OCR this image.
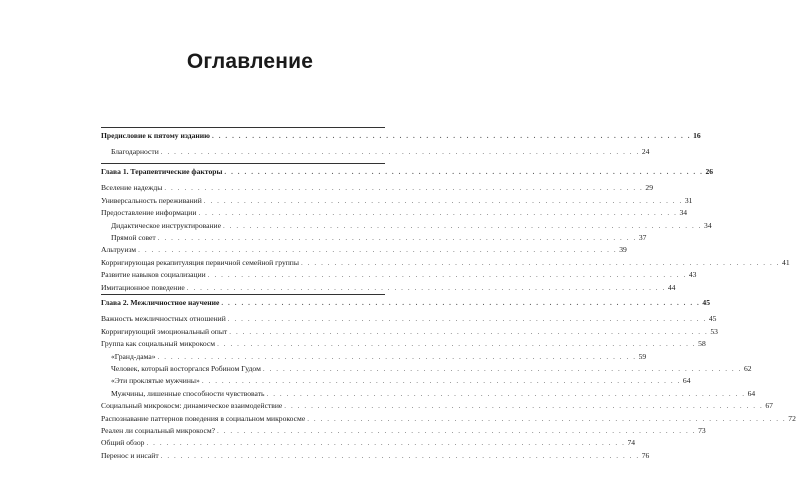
Оглавление
Предисловие к пятому изданию . . . . . . . . . . . . . . . . . . . . . . . . . . . . . . . . . . . . . . . . . . . . . . . . . . . . . . . . . . . . . . . . . . . . . . . . 16
Благодарности . . . . . . . . . . . . . . . . . . . . . . . . . . . . . . . . . . . . . . . . . . . . . . . . . . . . . . . . . . . . . . . . . . . . . . . . 24
Глава 1. Терапевтические факторы . . . . . . . . . . . . . . . . . . . . . . . . . . . . . . . . . . . . . . . . . . . . . . . . . . . . . . . . . . . . . . . . . . . . . . . . 26
Вселение надежды . . . . . . . . . . . . . . . . . . . . . . . . . . . . . . . . . . . . . . . . . . . . . . . . . . . . . . . . . . . . . . . . . . . . . . . . 29
Универсальность переживаний . . . . . . . . . . . . . . . . . . . . . . . . . . . . . . . . . . . . . . . . . . . . . . . . . . . . . . . . . . . . . . . . . . . . . . . . 31
Предоставление информации . . . . . . . . . . . . . . . . . . . . . . . . . . . . . . . . . . . . . . . . . . . . . . . . . . . . . . . . . . . . . . . . . . . . . . . . 34
Дидактическое инструктирование . . . . . . . . . . . . . . . . . . . . . . . . . . . . . . . . . . . . . . . . . . . . . . . . . . . . . . . . . . . . . . . . . . . . . . . . 34
Прямой совет . . . . . . . . . . . . . . . . . . . . . . . . . . . . . . . . . . . . . . . . . . . . . . . . . . . . . . . . . . . . . . . . . . . . . . . . 37
Альтруизм . . . . . . . . . . . . . . . . . . . . . . . . . . . . . . . . . . . . . . . . . . . . . . . . . . . . . . . . . . . . . . . . . . . . . . . . 39
Корригирующая рекапитуляция первичной семейной группы . . . . . . . . . . . . . . . . . . . . . . . . . . . . . . . . . . . . . . . . . . . . . . . . . . . . . . . . . . . . . . . . . . . . . . . . 41
Развитие навыков социализации . . . . . . . . . . . . . . . . . . . . . . . . . . . . . . . . . . . . . . . . . . . . . . . . . . . . . . . . . . . . . . . . . . . . . . . . 43
Имитационное поведение . . . . . . . . . . . . . . . . . . . . . . . . . . . . . . . . . . . . . . . . . . . . . . . . . . . . . . . . . . . . . . . . . . . . . . . . 44
Глава 2. Межличностное научение . . . . . . . . . . . . . . . . . . . . . . . . . . . . . . . . . . . . . . . . . . . . . . . . . . . . . . . . . . . . . . . . . . . . . . . . 45
Важность межличностных отношений . . . . . . . . . . . . . . . . . . . . . . . . . . . . . . . . . . . . . . . . . . . . . . . . . . . . . . . . . . . . . . . . . . . . . . . . 45
Корригирующий эмоциональный опыт . . . . . . . . . . . . . . . . . . . . . . . . . . . . . . . . . . . . . . . . . . . . . . . . . . . . . . . . . . . . . . . . . . . . . . . . 53
Группа как социальный микрокосм . . . . . . . . . . . . . . . . . . . . . . . . . . . . . . . . . . . . . . . . . . . . . . . . . . . . . . . . . . . . . . . . . . . . . . . . 58
«Гранд-дама» . . . . . . . . . . . . . . . . . . . . . . . . . . . . . . . . . . . . . . . . . . . . . . . . . . . . . . . . . . . . . . . . . . . . . . . . 59
Человек, который восторгался Робином Гудом . . . . . . . . . . . . . . . . . . . . . . . . . . . . . . . . . . . . . . . . . . . . . . . . . . . . . . . . . . . . . . . . . . . . . . . . 62
«Эти проклятые мужчины» . . . . . . . . . . . . . . . . . . . . . . . . . . . . . . . . . . . . . . . . . . . . . . . . . . . . . . . . . . . . . . . . . . . . . . . . 64
Мужчины, лишенные способности чувствовать . . . . . . . . . . . . . . . . . . . . . . . . . . . . . . . . . . . . . . . . . . . . . . . . . . . . . . . . . . . . . . . . . . . . . . . . 64
Социальный микрокосм: динамическое взаимодействие . . . . . . . . . . . . . . . . . . . . . . . . . . . . . . . . . . . . . . . . . . . . . . . . . . . . . . . . . . . . . . . . . . . . . . . . 67
Распознавание паттернов поведения в социальном микрокосме . . . . . . . . . . . . . . . . . . . . . . . . . . . . . . . . . . . . . . . . . . . . . . . . . . . . . . . . . . . . . . . . . . . . . . . . 72
Реален ли социальный микрокосм? . . . . . . . . . . . . . . . . . . . . . . . . . . . . . . . . . . . . . . . . . . . . . . . . . . . . . . . . . . . . . . . . . . . . . . . . 73
Общий обзор . . . . . . . . . . . . . . . . . . . . . . . . . . . . . . . . . . . . . . . . . . . . . . . . . . . . . . . . . . . . . . . . . . . . . . . . 74
Перенос и инсайт . . . . . . . . . . . . . . . . . . . . . . . . . . . . . . . . . . . . . . . . . . . . . . . . . . . . . . . . . . . . . . . . . . . . . . . . 76
